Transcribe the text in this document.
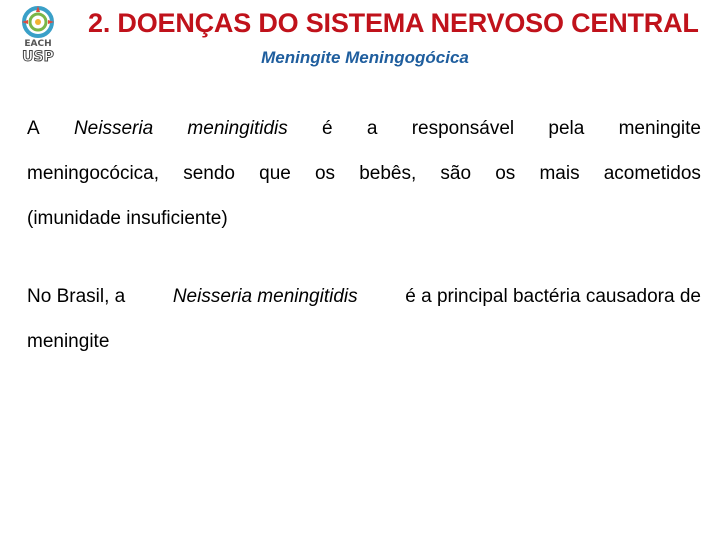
EACH
USP
2. DOENÇAS DO SISTEMA NERVOSO CENTRAL
Meningite Meningogócica
A Neisseria meningitidis é a responsável pela meningite
meningocócica, sendo que os bebês, são os mais acometidos
(imunidade insuficiente)
No Brasil, a	Neisseria meningitidis	é a principal bactéria causadora de
meningite
